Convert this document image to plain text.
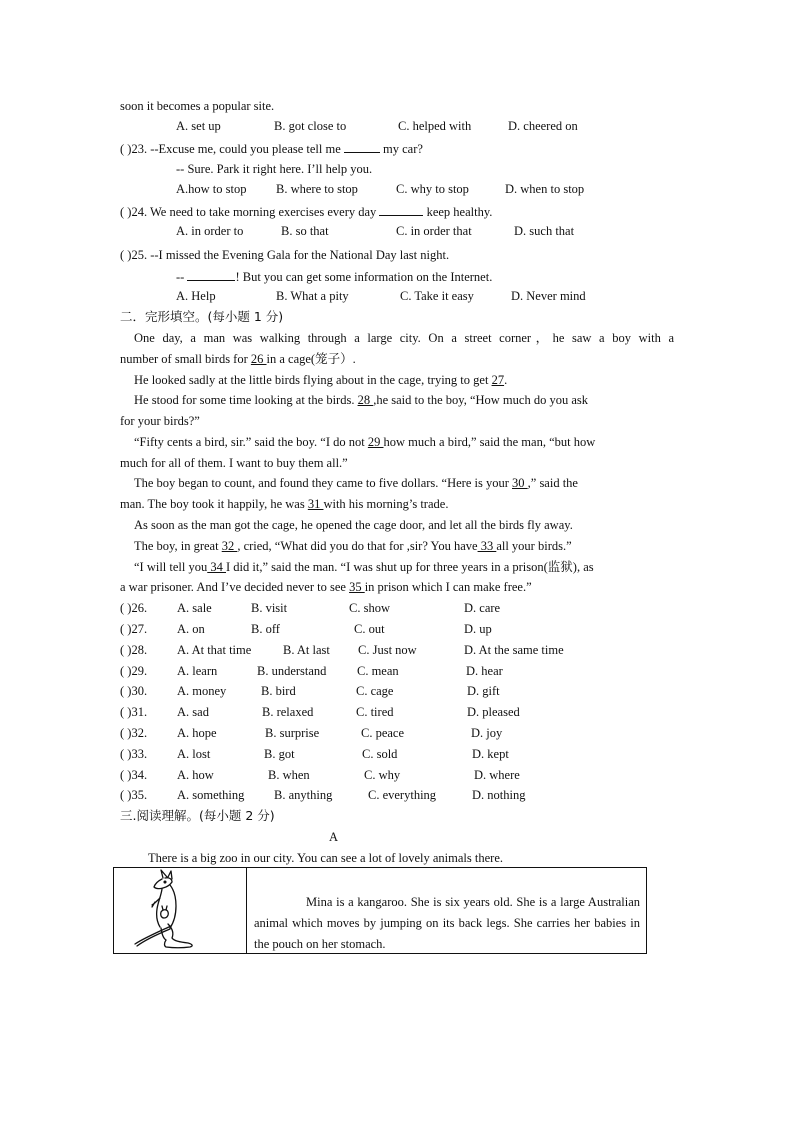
soon it becomes a popular site.
A. set up	B. got close to	C. helped with	D. cheered on
( )23. --Excuse me, could you please tell me	my car?
-- Sure. Park it right here. I’ll help you.
A.how to stop B. where to stop	C. why to stop	D. when to stop
( )24. We need to take morning exercises every day	keep healthy.
A. in order to	B. so that	C. in order that	D. such that
( )25. --I missed the Evening Gala for the National Day last night.
--	! But you can get some information on the Internet.
A. Help	B. What a pity	C. Take it easy	D. Never mind
二．完形填空。(每小题 1 分)
One day, a man was walking through a large city. On a street corner，he saw a boy with a
number of small birds for 26 in a cage(笼子）.
He looked sadly at the little birds flying about in the cage, trying to get 27.
He stood for some time looking at the birds. 28 ,he said to the boy, “How much do you ask
for your birds?”
“Fifty cents a bird, sir.” said the boy. “I do not 29 how much a bird,” said the man, “but how
much for all of them. I want to buy them all.”
The boy began to count, and found they came to five dollars. “Here is your 30 ,” said the
man. The boy took it happily, he was 31 with his morning’s trade.
As soon as the man got the cage, he opened the cage door, and let all the birds fly away.
The boy, in great 32 , cried, “What did you do that for ,sir? You have 33 all your birds.”
“I will tell you 34 I did it,” said the man. “I was shut up for three years in a prison(监狱), as
a war prisoner. And I’ve decided never to see 35 in prison which I can make free.”
( )26. A. sale	B. visit	C. show	D. care
( )27. A. on	B. off	C. out	D. up
( )28. A. At that time	B. At last C. Just now	D. At the same time
( )29. A. learn	B. understand C. mean	D. hear
( )30. A. money	B. bird	C. cage	D. gift
( )31. A. sad	B. relaxed	C. tired	D. pleased
( )32. A. hope	B. surprise	C. peace	D. joy
( )33. A. lost	B. got	C. sold	D. kept
( )34. A. how	B. when	C. why	D. where
( )35. A. something B. anything	C. everything	D. nothing
三.阅读理解。(每小题 2 分)
A
There is a big zoo in our city. You can see a lot of lovely animals there.
Mina is a kangaroo. She is six years old. She is a large Australian animal which moves by jumping on its back legs. She carries her babies in the pouch on her stomach.
